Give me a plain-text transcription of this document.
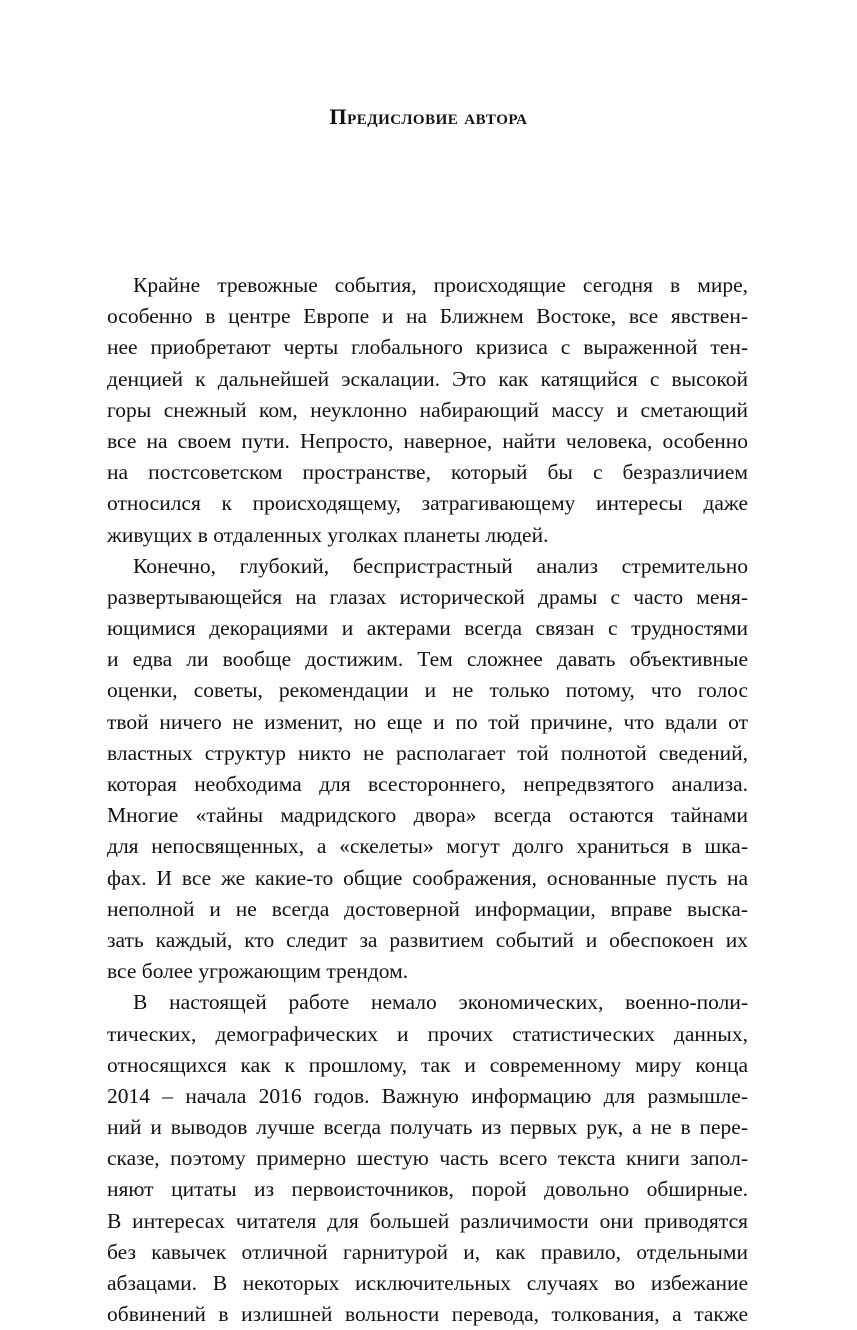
Предисловие автора
Крайне тревожные события, происходящие сегодня в мире,
особенно в центре Европе и на Ближнем Востоке, все явствен-
нее приобретают черты глобального кризиса с выраженной тен-
денцией к дальнейшей эскалации. Это как катящийся с высокой
горы снежный ком, неуклонно набирающий массу и сметающий
все на своем пути. Непросто, наверное, найти человека, особенно
на постсоветском пространстве, который бы с безразличием
относился к происходящему, затрагивающему интересы даже
живущих в отдаленных уголках планеты людей.
Конечно, глубокий, беспристрастный анализ стремительно
развертывающейся на глазах исторической драмы с часто меня-
ющимися декорациями и актерами всегда связан с трудностями
и едва ли вообще достижим. Тем сложнее давать объективные
оценки, советы, рекомендации и не только потому, что голос
твой ничего не изменит, но еще и по той причине, что вдали от
властных структур никто не располагает той полнотой сведений,
которая необходима для всестороннего, непредвзятого анализа.
Многие «тайны мадридского двора» всегда остаются тайнами
для непосвященных, а «скелеты» могут долго храниться в шка-
фах. И все же какие-то общие соображения, основанные пусть на
неполной и не всегда достоверной информации, вправе выска-
зать каждый, кто следит за развитием событий и обеспокоен их
все более угрожающим трендом.
В настоящей работе немало экономических, военно-поли-
тических, демографических и прочих статистических данных,
относящихся как к прошлому, так и современному миру конца
2014 – начала 2016 годов. Важную информацию для размышле-
ний и выводов лучше всегда получать из первых рук, а не в пере-
сказе, поэтому примерно шестую часть всего текста книги запол-
няют цитаты из первоисточников, порой довольно обширные.
В интересах читателя для большей различимости они приводятся
без кавычек отличной гарнитурой и, как правило, отдельными
абзацами. В некоторых исключительных случаях во избежание
обвинений в излишней вольности перевода, толкования, а также
